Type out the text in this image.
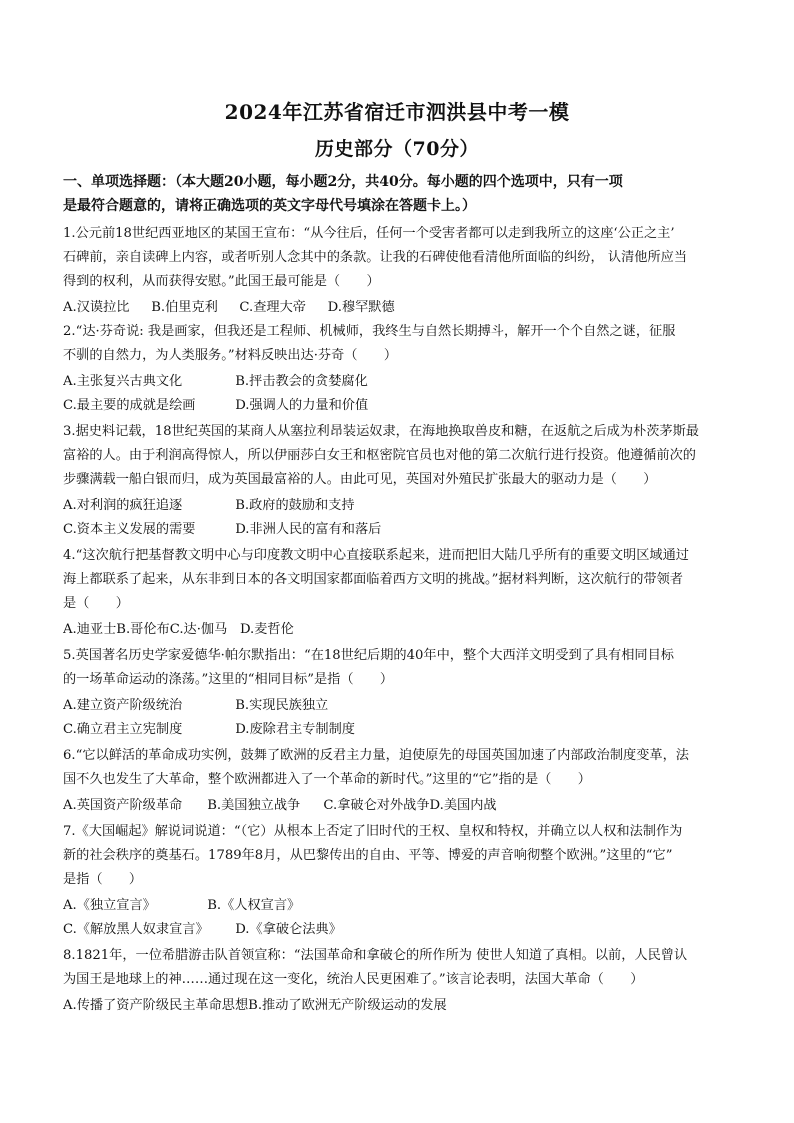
2024年江苏省宿迁市泗洪县中考一模
历史部分（70分）
一、单项选择题：（本大题20小题，每小题2分，共40分。每小题的四个选项中，只有一项
是最符合题意的，请将正确选项的英文字母代号填涂在答题卡上。）
1.公元前18世纪西亚地区的某国王宣布：“从今往后，任何一个受害者都可以走到我所立的这座‘公正之主’
石碑前，亲自读碑上内容，或者听别人念其中的条款。让我的石碑使他看清他所面临的纠纷， 认清他所应当
得到的权利，从而获得安慰。”此国王最可能是（　　）
A.汉谟拉比 B.伯里克利 C.查理大帝 D.穆罕默德
2.“达·芬奇说: 我是画家，但我还是工程师、机械师，我终生与自然长期搏斗，解开一个个自然之谜，征服
不驯的自然力，为人类服务。”材料反映出达·芬奇（　　）
A.主张复兴古典文化	B.抨击教会的贪婪腐化
C.最主要的成就是绘画	D.强调人的力量和价值
3.据史料记载，18世纪英国的某商人从塞拉利昂装运奴隶，在海地换取兽皮和糖，在返航之后成为朴茨茅斯最
富裕的人。由于利润高得惊人，所以伊丽莎白女王和枢密院官员也对他的第二次航行进行投资。他遵循前次的
步骤满载一船白银而归，成为英国最富裕的人。由此可见，英国对外殖民扩张最大的驱动力是（　　）
A.对利润的疯狂追逐	B.政府的鼓励和支持
C.资本主义发展的需要	D.非洲人民的富有和落后
4.“这次航行把基督教文明中心与印度教文明中心直接联系起来，进而把旧大陆几乎所有的重要文明区域通过
海上都联系了起来，从东非到日本的各文明国家都面临着西方文明的挑战。”据材料判断，这次航行的带领者
是（　　）
A.迪亚士B.哥伦布C.达·伽马 D.麦哲伦
5.英国著名历史学家爱德华·帕尔默指出：“在18世纪后期的40年中，整个大西洋文明受到了具有相同目标
的一场革命运动的涤荡。”这里的“相同目标”是指（　　）
A.建立资产阶级统治	B.实现民族独立
C.确立君主立宪制度	D.废除君主专制制度
6.“它以鲜活的革命成功实例，鼓舞了欧洲的反君主力量，迫使原先的母国英国加速了内部政治制度变革，法
国不久也发生了大革命，整个欧洲都进入了一个革命的新时代。”这里的“它”指的是（　　）
A.英国资产阶级革命 B.美国独立战争 C.拿破仑对外战争D.美国内战
7.《大国崛起》解说词说道：“（它）从根本上否定了旧时代的王权、皇权和特权，并确立以人权和法制作为
新的社会秩序的奠基石。1789年8月，从巴黎传出的自由、平等、博爱的声音响彻整个欧洲。”这里的“它”
是指（　　）
A.《独立宣言》	B.《人权宣言》
C.《解放黑人奴隶宣言》 D.《拿破仑法典》
8.1821年，一位希腊游击队首领宣称：“法国革命和拿破仑的所作所为 使世人知道了真相。以前，人民曾认
为国王是地球上的神……通过现在这一变化，统治人民更困难了。”该言论表明，法国大革命（　　）
A.传播了资产阶级民主革命思想B.推动了欧洲无产阶级运动的发展
